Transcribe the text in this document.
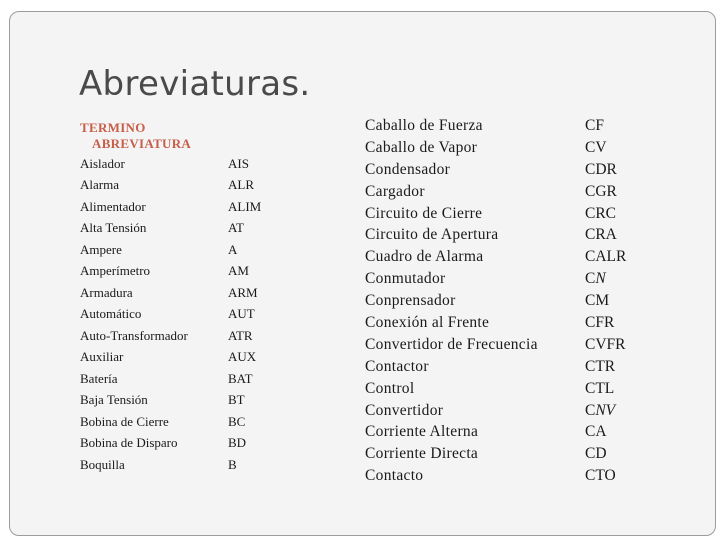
Abreviaturas.
TERMINO
ABREVIATURA
Aislador	AIS
Alarma	ALR
Alimentador	ALIM
Alta Tensión	AT
Ampere	A
Amperímetro	AM
Armadura	ARM
Automático	AUT
Auto-Transformador	ATR
Auxiliar	AUX
Batería	BAT
Baja Tensión	BT
Bobina de Cierre	BC
Bobina de Disparo	BD
Boquilla	B
Caballo de Fuerza	CF
Caballo de Vapor	CV
Condensador	CDR
Cargador	CGR
Circuito de Cierre	CRC
Circuito de Apertura	CRA
Cuadro de Alarma	CALR
Conmutador	CN
Conprensador	CM
Conexión al Frente	CFR
Convertidor de Frecuencia	CVFR
Contactor	CTR
Control	CTL
Convertidor	CNV
Corriente Alterna	CA
Corriente Directa	CD
Contacto	CTO
